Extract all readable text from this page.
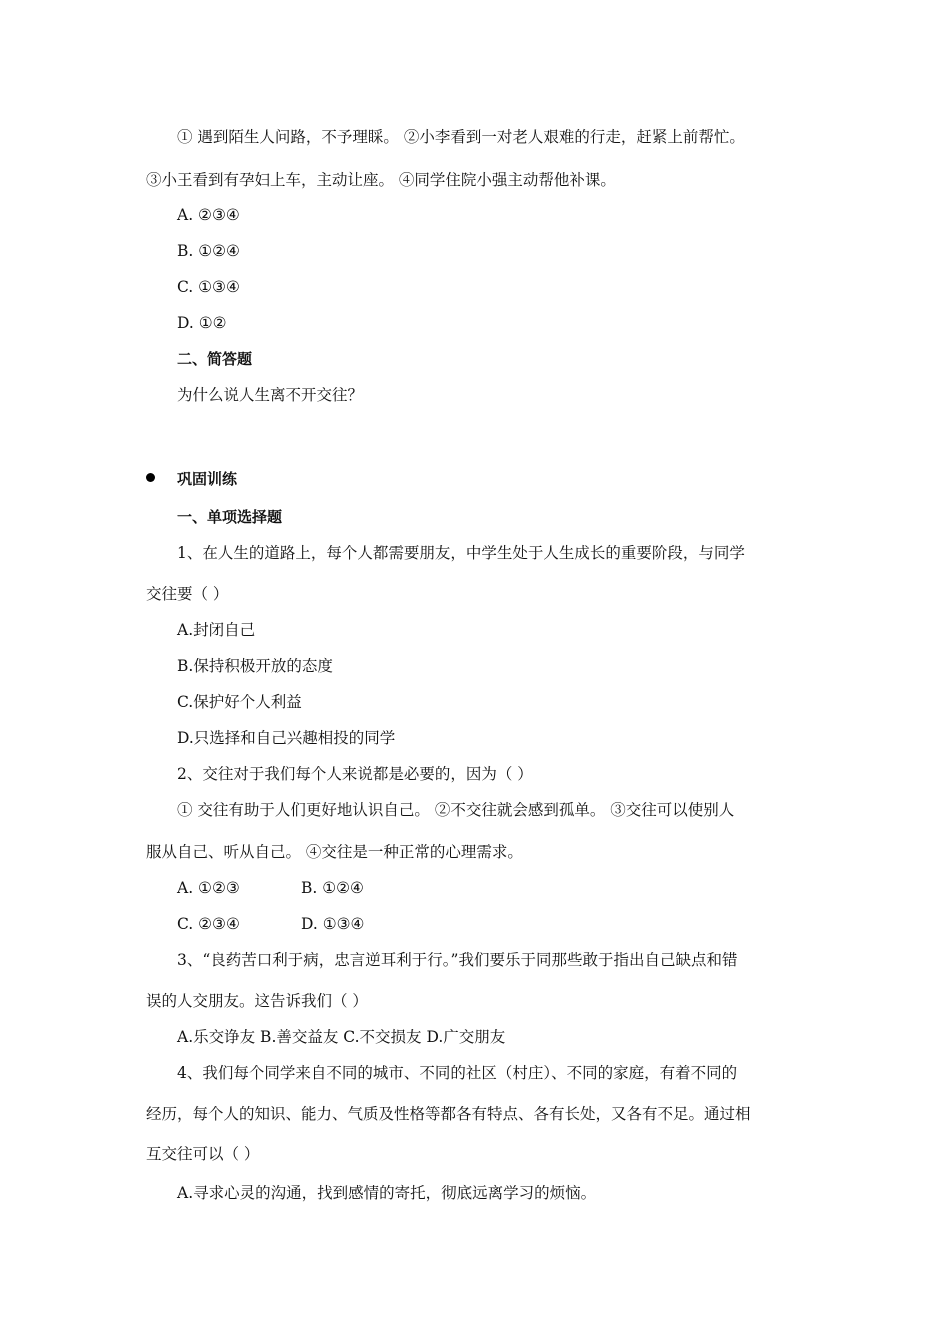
① 遇到陌生人问路，不予理睬。 ②小李看到一对老人艰难的行走，赶紧上前帮忙。
③小王看到有孕妇上车，主动让座。 ④同学住院小强主动帮他补课。
A. ②③④
B. ①②④
C. ①③④
D. ①②
二、简答题
为什么说人生离不开交往？
巩固训练
一、单项选择题
1、在人生的道路上，每个人都需要朋友，中学生处于人生成长的重要阶段，与同学
交往要（ ）
A.封闭自己
B.保持积极开放的态度
C.保护好个人利益
D.只选择和自己兴趣相投的同学
2、交往对于我们每个人来说都是必要的，因为（ ）
① 交往有助于人们更好地认识自己。 ②不交往就会感到孤单。 ③交往可以使别人
服从自己、听从自己。 ④交往是一种正常的心理需求。
A. ①②③	B. ①②④
C. ②③④	D. ①③④
3、“良药苦口利于病，忠言逆耳利于行。”我们要乐于同那些敢于指出自己缺点和错
误的人交朋友。这告诉我们（ ）
A.乐交诤友 B.善交益友 C.不交损友 D.广交朋友
4、我们每个同学来自不同的城市、不同的社区（村庄）、不同的家庭，有着不同的
经历，每个人的知识、能力、气质及性格等都各有特点、各有长处，又各有不足。通过相
互交往可以（ ）
A.寻求心灵的沟通，找到感情的寄托，彻底远离学习的烦恼。
